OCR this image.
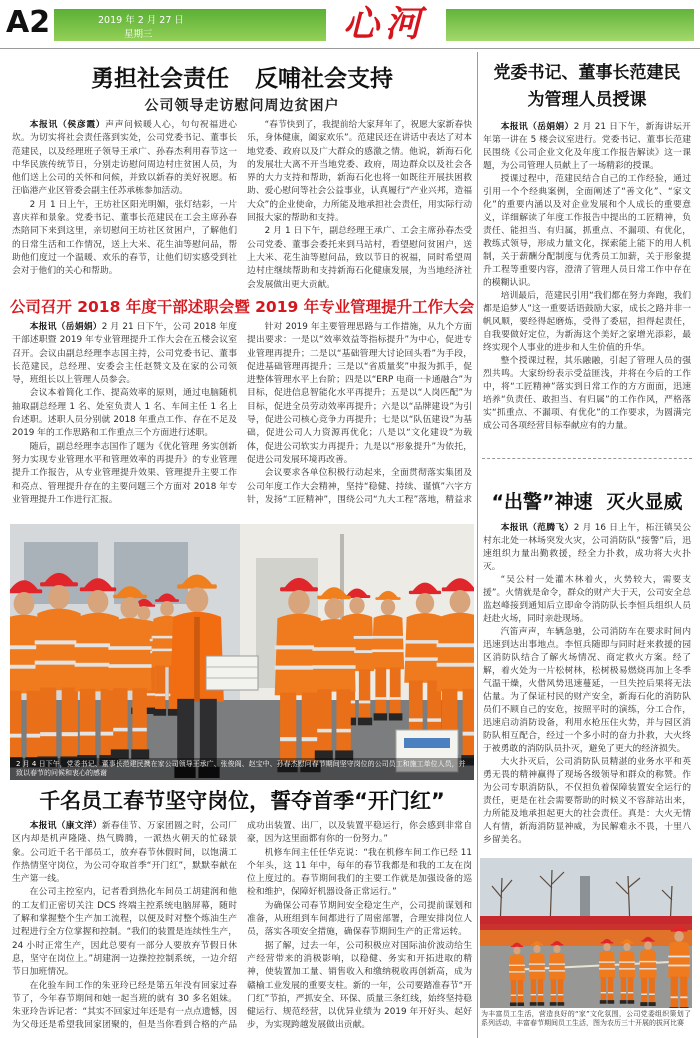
A2	2019 年 2 月 27 日
星期三	心河
勇担社会责任 反哺社会支持
公司领导走访慰问周边贫困户

本报讯（侯彦霞）声声问候暖人心，句句祝福进心坎。为切实将社会责任落到实处，公司党委书记、董事长范建民，以及经理班子领导王承广、孙春杰利用春节这一中华民族传统节日，分别走访慰问周边村庄贫困人员，为他们送上公司的关怀和问候，并致以新春的美好祝愿。柘汪临港产业区管委会副主任苏承栋参加活动。

2 月 1 日上午，王坊社区阳光明媚，张灯结彩，一片喜庆祥和景象。党委书记、董事长范建民在工会主席孙春杰陪同下来到这里，亲切慰问王坊社区贫困户，了解他们的日常生活和工作情况，送上大米、花生油等慰问品，帮助他们度过一个温暖、欢乐的春节，让他们切实感受到社会对于他们的关心和帮助。

“春节快到了，我提前给大家拜年了，祝愿大家新春快乐，身体健康，阖家欢乐”。范建民还在讲话中表达了对本地党委、政府以及广大群众的感激之情。他说，新海石化的发展壮大离不开当地党委、政府，周边群众以及社会各界的大力支持和帮助，新海石化也将一如既往开展扶困救助、爱心慰问等社会公益事业，认真履行“产业兴邦，造福大众”的企业使命，力所能及地承担社会责任，用实际行动回报大家的帮助和支持。

2 月 1 日下午，副总经理王承广、工会主席孙春杰受公司党委、董事会委托来到马站村，看望慰问贫困户，送上大米、花生油等慰问品，致以节日的祝福，同时希望周边村庄继续帮助和支持新海石化健康发展，为当地经济社会发展做出更大贡献。

公司召开 2018 年度干部述职会暨 2019 年专业管理提升工作大会

本报讯（岳娟娟）2 月 21 日下午，公司 2018 年度干部述职暨 2019 年专业管理提升工作大会在五楼会议室召开。会议由副总经理李志国主持，公司党委书记、董事长范建民，总经理、安委会主任赵赞文及在家的公司领导，班组长以上管理人员参会。

会议本着简化工作、提高效率的原则，通过电脑随机抽取副总经理 1 名、处室负责人 1 名、车间主任 1 名上台述职。述职人员分别就 2018 年重点工作、存在不足及 2019 年的工作思路和工作重点三个方面进行述职。

随后，副总经理李志国作了题为《优化管理 务实创新 努力实现专业管理水平和管理效率的再提升》的专业管理提升工作报告，从专业管理提升效果、管理提升主要工作和亮点、管理提升存在的主要问题三个方面对 2018 年专业管理提升工作进行汇报。

针对 2019 年主要管理思路与工作措施，从九个方面提出要求：一是以“效率效益等指标提升”为中心，促进专业管理再提升；二是以“基础管理大讨论回头看”为手段，促进基础管理再提升；三是以“省质量奖”申报为抓手，促进整体管理水平上台阶；四是以“ERP 电商一卡通融合”为目标，促进信息智能化水平再提升；五是以“人岗匹配”为目标，促进全员劳动效率再提升；六是以“品牌建设”为引导，促进公司核心竞争力再提升；七是以“队伍建设”为基础，促进公司人力资源再优化；八是以“文化建设”为载体，促进公司软实力再提升；九是以“形象提升”为依托，促进公司发展环境再改善。

会议要求各单位积极行动起来，全面贯彻落实集团及公司年度工作大会精神，坚持“稳健、持续、谨慎”六字方针，发扬“工匠精神”，围绕公司“九大工程”落地，精益求

2 月 4 日下午，党委书记、董事长范建民携在家公司领导王承广、张俊阁、赵宝中、孙春杰慰问春节期间坚守岗位的公司员工和施工单位人员，并致以春节的问候和衷心的感谢
千名员工春节坚守岗位，誓夺首季“开门红”

本报讯（康文洋）新春佳节、万家团圆之时，公司厂区内却是机声隆隆、热气腾腾，一派热火朝天的忙碌景象。公司近千名干部员工，放弃春节休假时间，以饱满工作热情坚守岗位，为公司夺取首季“开门红”，默默奉献在生产第一线。

在公司主控室内，记者看到热化车间员工胡建润和他的工友们正密切关注 DCS 终端主控系统电脑屏幕，随时了解和掌握整个生产加工流程，以便及时对整个炼油生产过程进行全方位掌握和控制。“我们的装置是连续性生产，24 小时正常生产，因此总要有一部分人要放弃节假日休息，坚守在岗位上。”胡建润一边操控控制系统，一边介绍节日加班情况。

在化验车间工作的朱亚玲已经是第五年没有回家过春节了，今年春节期间和她一起当班的就有 30 多名姐妹。朱亚玲告诉记者：“其实不回家过年还是有一点点遗憾，因为父母还是希望我回家团聚的，但是当你看到合格的产品成功出装置、出厂，以及装置平稳运行，你会感到非常自豪，因为这里面都有你的一份努力。”

机修车间主任任华克说：“我在机修车间工作已经 11 个年头，这 11 年中，每年的春节我都是和我的工友在岗位上度过的。春节期间我们的主要工作就是加强设备的巡检和维护，保障好机器设备正常运行。”

为确保公司春节期间安全稳定生产，公司提前谋划和准备，从班组到车间都进行了周密部署，合理安排岗位人员，落实各项安全措施，确保春节期间生产的正常运转。

据了解，过去一年，公司积极应对国际油价波动给生产经营带来的消极影响，以稳健、务实和开拓进取的精神，使装置加工量、销售收入和缴纳税收再创新高，成为赣榆工业发展的重要支柱。新的一年，公司要踏准春节“开门红”节拍，严抓安全、环保、质量三条红线，始终坚持稳健运行、规范经营，以优异业绩为 2019 年开好头、起好步，为实现跨越发展做出贡献。

党委书记、董事长范建民
为管理人员授课

本报讯（岳娟娟）2 月 21 日下午，新海讲坛开年第一讲在 5 楼会议室进行。党委书记、董事长范建民围绕《公司企业文化及年度工作报告解读》这一课题，为公司管理人员献上了一场精彩的授课。

授课过程中，范建民结合自己的工作经验，通过引用一个个经典案例，全面阐述了“善文化”、“家文化”的重要内涵以及对企业发展和个人成长的重要意义，详细解读了年度工作报告中提出的工匠精神，负责任、能担当、有归属，抓重点、不漏项、有优化，教练式领导，形成力量文化，探索能上能下的用人机制，关于薪酬分配制度与优秀员工加薪，关于形象提升工程等重要内容，澄清了管理人员日常工作中存在的模糊认识。

培训最后，范建民引用“我们都在努力奔跑，我们都是追梦人”这一重要话语鼓励大家，成长之路并非一帆风顺，要经得起磨炼，受得了委屈，担得起责任，自我要做好定位，为新海这个美好之家增光添彩，最终实现个人事业的进步和人生价值的升华。

整个授课过程，其乐融融，引起了管理人员的强烈共鸣。大家纷纷表示受益匪浅，并将在今后的工作中，将“工匠精神”落实到日常工作的方方面面，迅速培养“负责任、敢担当、有归属”的工作作风，严格落实“抓重点、不漏项、有优化”的工作要求，为圆满完成公司各项经营目标奉献应有的力量。

“出警”神速 灭火显威

本报讯（范腾飞）2 月 16 日上午，柘汪镇吴公村东北处一林场突发火灾，公司消防队“接警”后，迅速组织力量出勤救援，经全力扑救，成功将大火扑灭。

“吴公村一处灌木林着火，火势较大，需要支援”。火情就是命令，群众的财产大于天，公司安全总监赵峰接到通知后立即命令消防队长李恒兵组织人员赶赴火场，同时亲赴现场。

汽笛声声，车辆急驰，公司消防车在要求时间内迅速到达出事地点。李恒兵随即与同时赶来救援的园区消防队结合了解火场情况、商定救火方案。经了解，着火处为一片松树林，松树极易燃烧再加上冬季气温干燥，火借风势迅速蔓延，一旦失控后果将无法估量。为了保证村民的财产安全，新海石化的消防队员们不顾自己的安危，按照平时的演练，分工合作，迅速启动消防设备，利用水枪压住火势，并与园区消防队相互配合，经过一个多小时的奋力扑救，大火终于被勇敢的消防队员扑灭，避免了更大的经济损失。

大火扑灭后，公司消防队员精湛的业务水平和英勇无畏的精神赢得了现场各级领导和群众的称赞。作为公司专职消防队，不仅担负着保障装置安全运行的责任，更是在社会需要帮助的时候义不容辞站出来，力所能及地承担起更大的社会责任。真是：大火无情人有情，新海消防显神威，为民解难永不畏，十里八乡留美名。

为丰富员工生活，营造良好的“家”文化氛围，公司党委组织策划了系列活动，丰富春节期间员工生活，图为农历三十开展的拔河比赛
